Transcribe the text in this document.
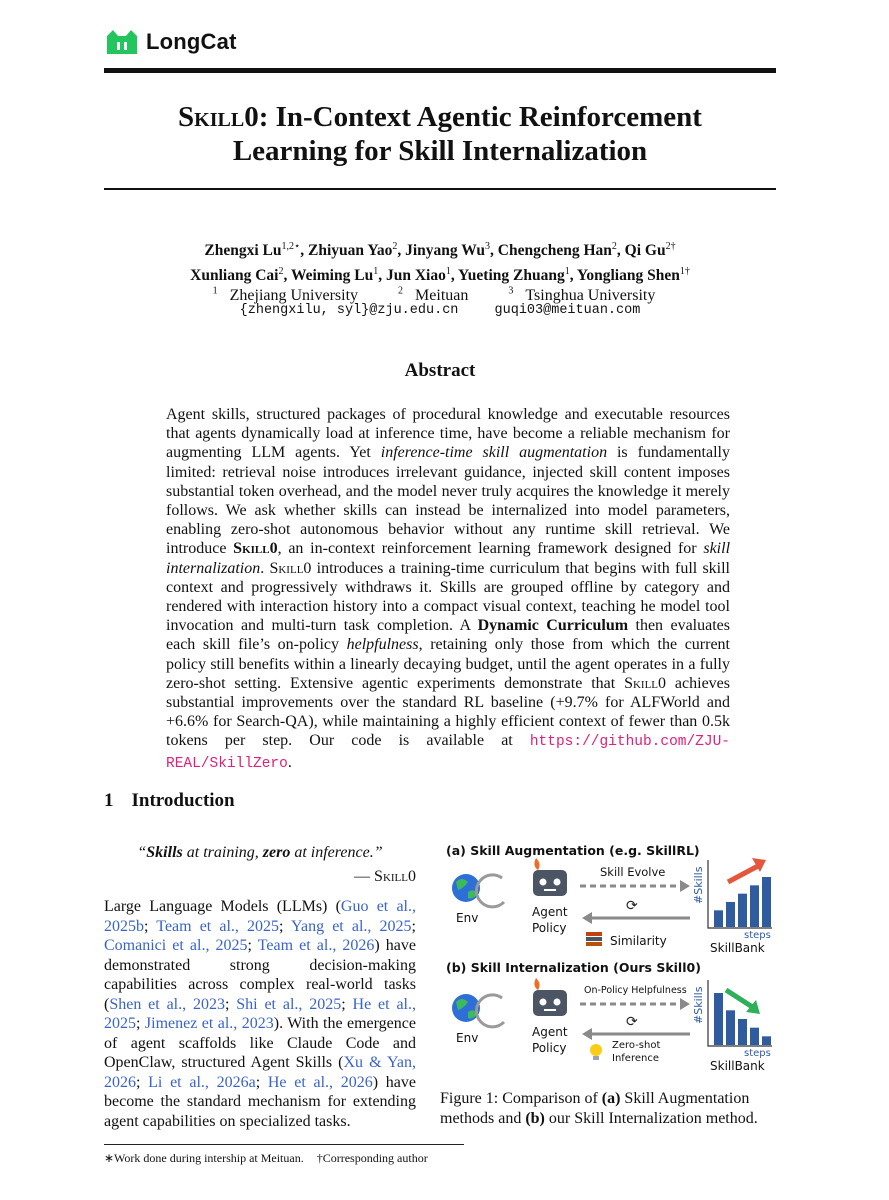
LongCat
Skill0: In-Context Agentic Reinforcement
Learning for Skill Internalization
Zhengxi $Lu^{1,2⋆}$, Zhiyuan Yao$^2$, Jinyang Wu$^3$, Chengcheng Han$^2$, Qi $Gu^{2\dagger}$
Xunliang Cai$^2$, Weiming Lu$^1$, Jun Xiao$^1$, Yueting Zhuang$^1$, Yongliang Shen$^{1\dagger}$
$^1$ Zhejiang University	$^2$ Meituan	$^3$ Tsinghua University
{zhengxilu, syl}@zju.edu.cn	guqi03@meituan.com
Abstract
Agent skills, structured packages of procedural knowledge and executable resources that agents dynamically load at inference time, have become a reliable mechanism for augmenting LLM agents. Yet inference-time skill augmentation is fundamentally limited: retrieval noise introduces irrelevant guidance, injected skill content imposes substantial token overhead, and the model never truly acquires the knowledge it merely follows. We ask whether skills can instead be internalized into model parameters, enabling zero-shot autonomous behavior without any runtime skill retrieval. We introduce Skill0, an in-context reinforcement learning framework designed for skill internalization. Skill0 introduces a training-time curriculum that begins with full skill context and progressively withdraws it. Skills are grouped offline by category and rendered with interaction history into a compact visual context, teaching he model tool invocation and multi-turn task completion. A Dynamic Curriculum then evaluates each skill file’s on-policy helpfulness, retaining only those from which the current policy still benefits within a linearly decaying budget, until the agent operates in a fully zero-shot setting. Extensive agentic experiments demonstrate that Skill0 achieves substantial improvements over the standard RL baseline (+9.7% for ALFWorld and +6.6% for Search-QA), while maintaining a highly efficient context of fewer than 0.5k tokens per step. Our code is available at https://github.com/ZJU-REAL/SkillZero.
1 Introduction
“Skills at training, zero at inference.”
— Skill0
Large Language Models (LLMs) (Guo et al., 2025b; Team et al., 2025; Yang et al., 2025; Comanici et al., 2025; Team et al., 2026) have demonstrated strong decision-making capabilities across complex real-world tasks (Shen et al., 2023; Shi et al., 2025; He et al., 2025; Jimenez et al., 2023). With the emergence of agent scaffolds like Claude Code and OpenClaw, structured Agent Skills (Xu & Yan, 2026; Li et al., 2026a; He et al., 2026) have become the standard mechanism for extending agent capabilities on specialized tasks.
(a) Skill Augmentation (e.g. SkillRL)
Env	Agent
Policy
Skill Evolve
⟳
Similarity
#Skills
steps
SkillBank
(b) Skill Internalization (Ours Skill0)
Env	Agent
Policy
On-Policy Helpfulness
⟳
Zero-shot
Inference
#Skills
steps
SkillBank
Figure 1: Comparison of (a) Skill Augmentation methods and (b) our Skill Internalization method.
∗Work done during intership at Meituan. †Corresponding author
